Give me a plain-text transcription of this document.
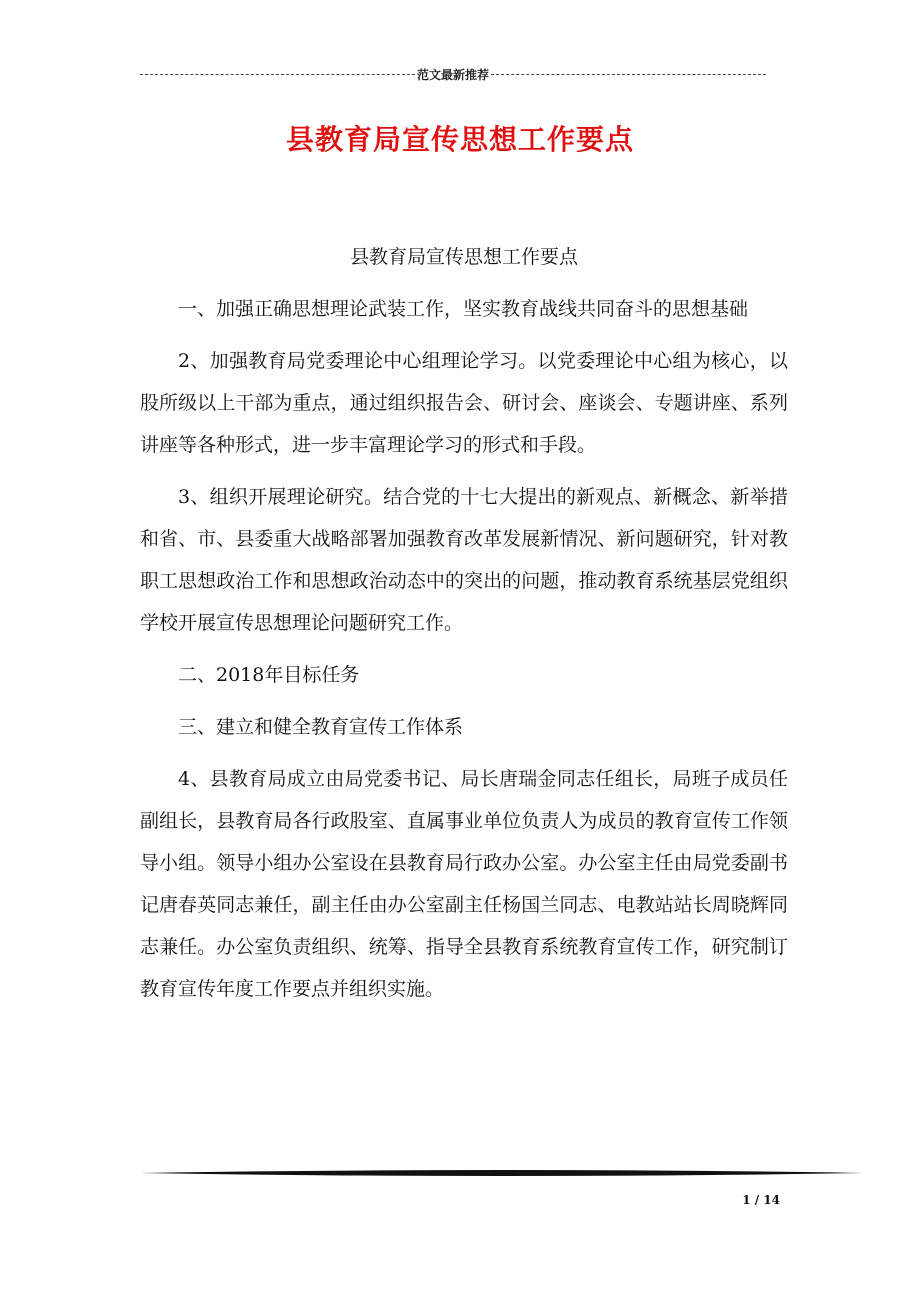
范文最新推荐
县教育局宣传思想工作要点

县教育局宣传思想工作要点

一、加强正确思想理论武装工作，坚实教育战线共同奋斗的思想基础

2、加强教育局党委理论中心组理论学习。以党委理论中心组为核心，以股所级以上干部为重点，通过组织报告会、研讨会、座谈会、专题讲座、系列讲座等各种形式，进一步丰富理论学习的形式和手段。

3、组织开展理论研究。结合党的十七大提出的新观点、新概念、新举措和省、市、县委重大战略部署加强教育改革发展新情况、新问题研究，针对教职工思想政治工作和思想政治动态中的突出的问题，推动教育系统基层党组织学校开展宣传思想理论问题研究工作。

二、2018年目标任务

三、建立和健全教育宣传工作体系

4、县教育局成立由局党委书记、局长唐瑞金同志任组长，局班子成员任副组长，县教育局各行政股室、直属事业单位负责人为成员的教育宣传工作领导小组。领导小组办公室设在县教育局行政办公室。办公室主任由局党委副书记唐春英同志兼任，副主任由办公室副主任杨国兰同志、电教站站长周晓辉同志兼任。办公室负责组织、统筹、指导全县教育系统教育宣传工作，研究制订教育宣传年度工作要点并组织实施。

1 / 14
